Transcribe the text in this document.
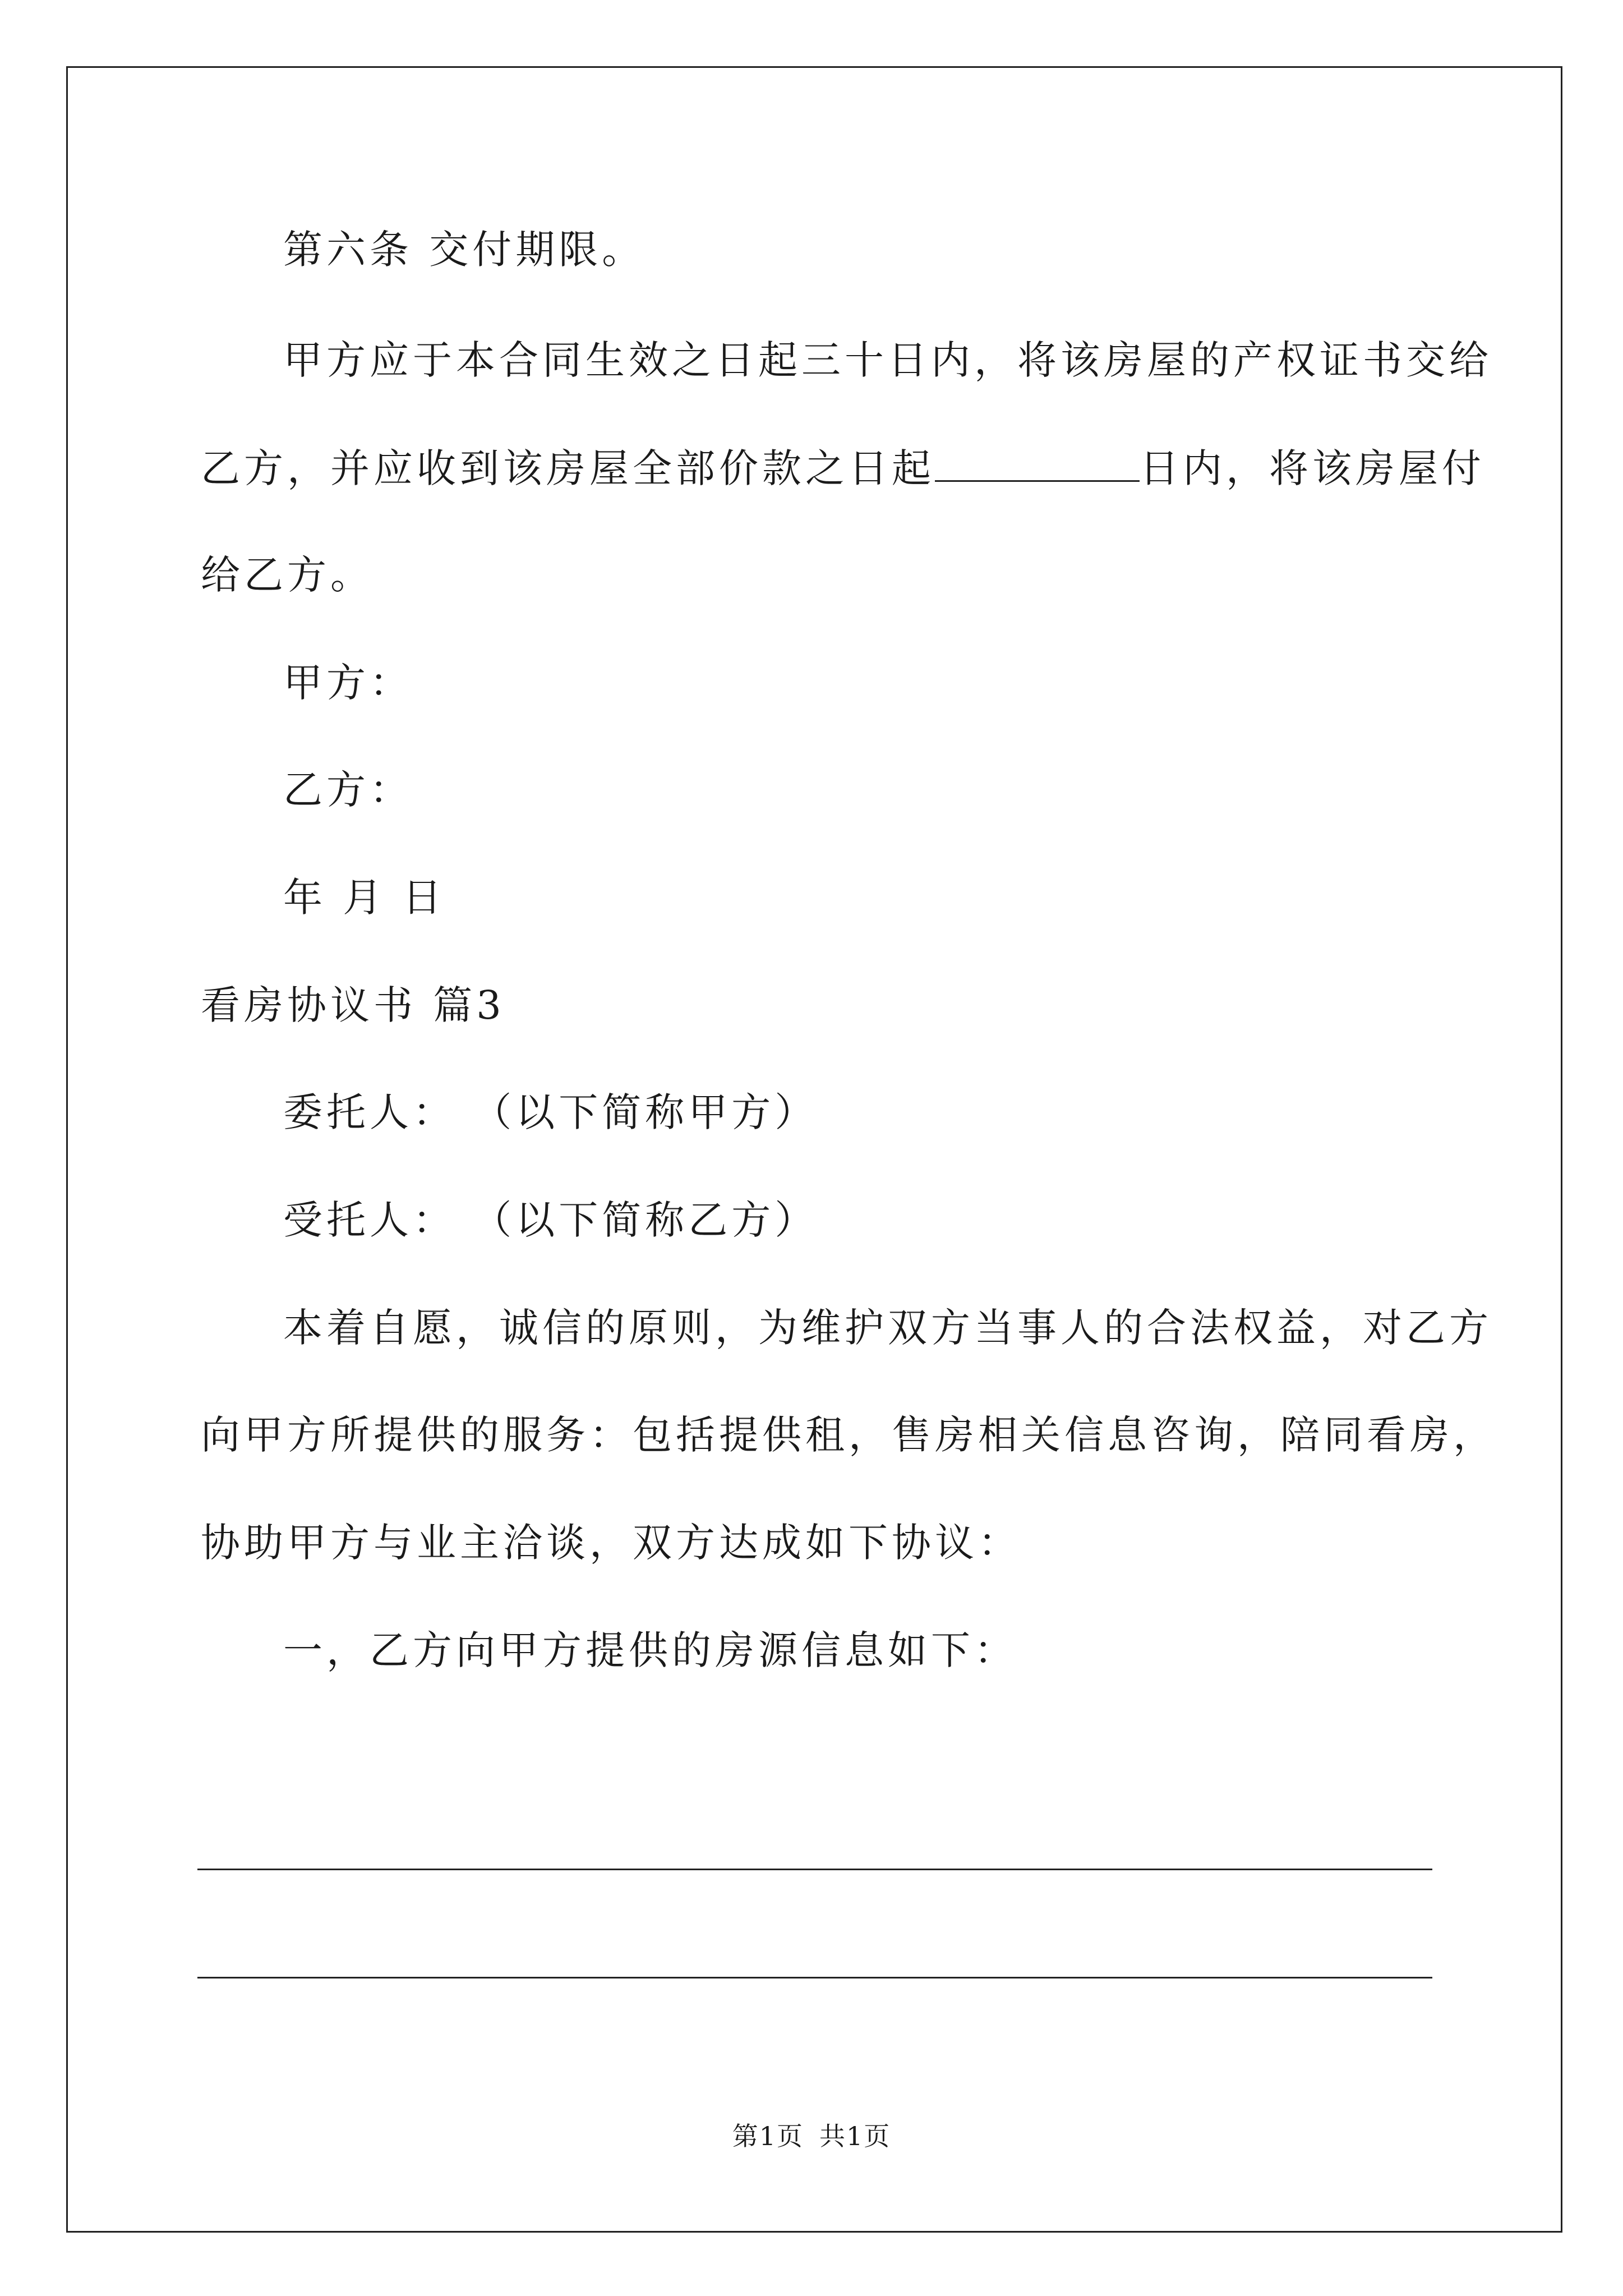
第六条 交付期限。
甲方应于本合同生效之日起三十日内，将该房屋的产权证书交给
乙方，并应收到该房屋全部价款之日起	日内，将该房屋付
给乙方。
甲方：
乙方：
年 月 日
看房协议书 篇3
委托人： （以下简称甲方）
受托人： （以下简称乙方）
本着自愿，诚信的原则，为维护双方当事人的合法权益，对乙方
向甲方所提供的服务：包括提供租，售房相关信息咨询，陪同看房，
协助甲方与业主洽谈，双方达成如下协议：
一，乙方向甲方提供的房源信息如下：
第1页 共1页
